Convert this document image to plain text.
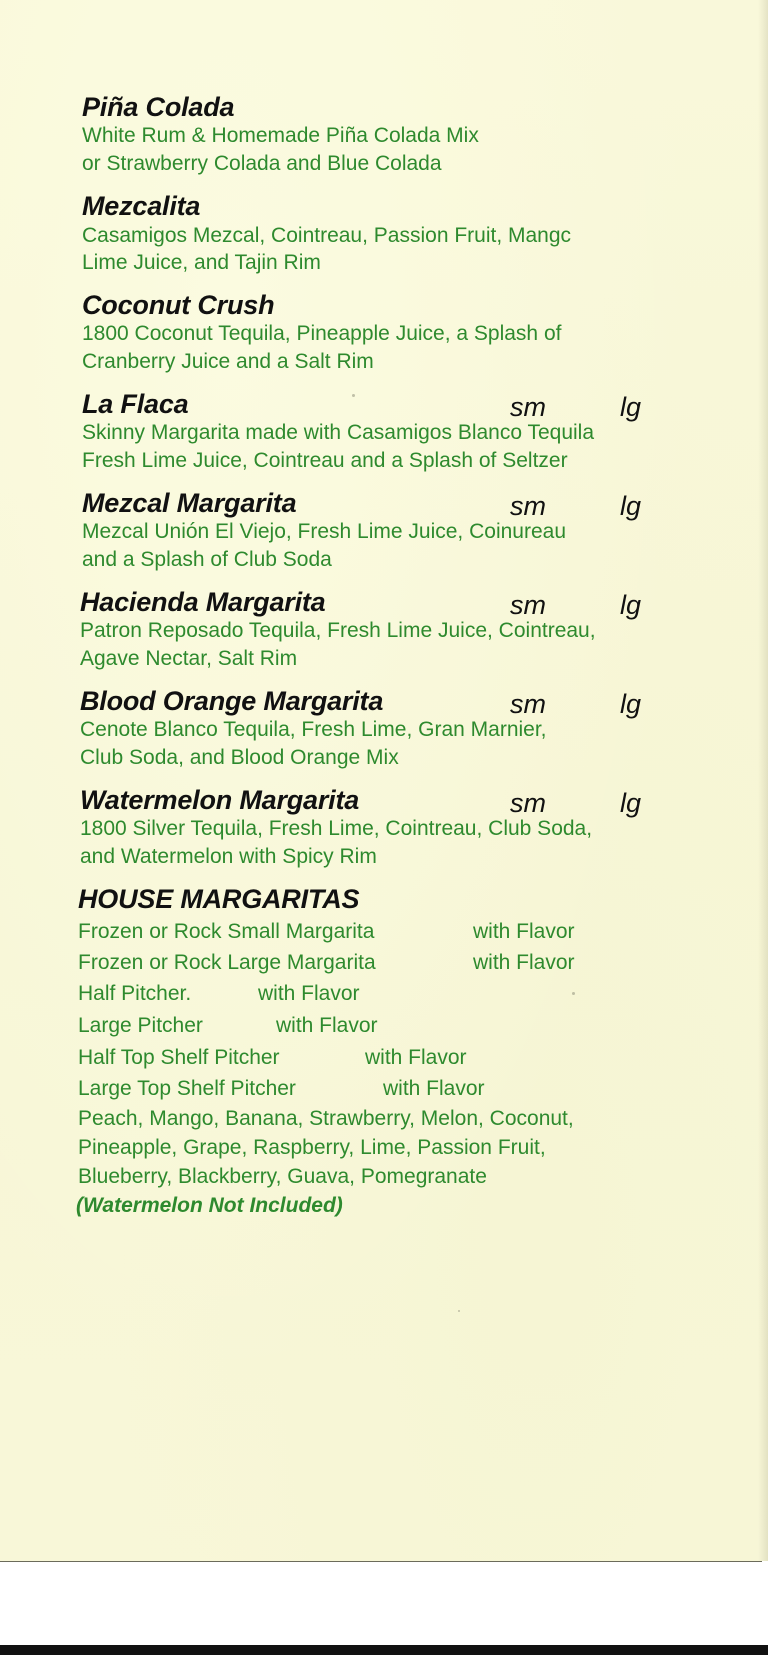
Piña Colada
White Rum & Homemade Piña Colada Mix
or Strawberry Colada and Blue Colada
Mezcalita
Casamigos Mezcal, Cointreau, Passion Fruit, Mangc
Lime Juice, and Tajin Rim
Coconut Crush
1800 Coconut Tequila, Pineapple Juice, a Splash of
Cranberry Juice and a Salt Rim
La Flaca	sm	lg
Skinny Margarita made with Casamigos Blanco Tequila
Fresh Lime Juice, Cointreau and a Splash of Seltzer
Mezcal Margarita	sm	lg
Mezcal Unión El Viejo, Fresh Lime Juice, Coinureau
and a Splash of Club Soda
Hacienda Margarita	sm	lg
Patron Reposado Tequila, Fresh Lime Juice, Cointreau,
Agave Nectar, Salt Rim
Blood Orange Margarita	sm	lg
Cenote Blanco Tequila, Fresh Lime, Gran Marnier,
Club Soda, and Blood Orange Mix
Watermelon Margarita	sm	lg
1800 Silver Tequila, Fresh Lime, Cointreau, Club Soda,
and Watermelon with Spicy Rim
HOUSE MARGARITAS
Frozen or Rock Small Margarita	with Flavor
Frozen or Rock Large Margarita	with Flavor
Half Pitcher.	with Flavor
Large Pitcher	with Flavor
Half Top Shelf Pitcher	with Flavor
Large Top Shelf Pitcher	with Flavor
Peach, Mango, Banana, Strawberry, Melon, Coconut,
Pineapple, Grape, Raspberry, Lime, Passion Fruit,
Blueberry, Blackberry, Guava, Pomegranate
(Watermelon Not Included)
